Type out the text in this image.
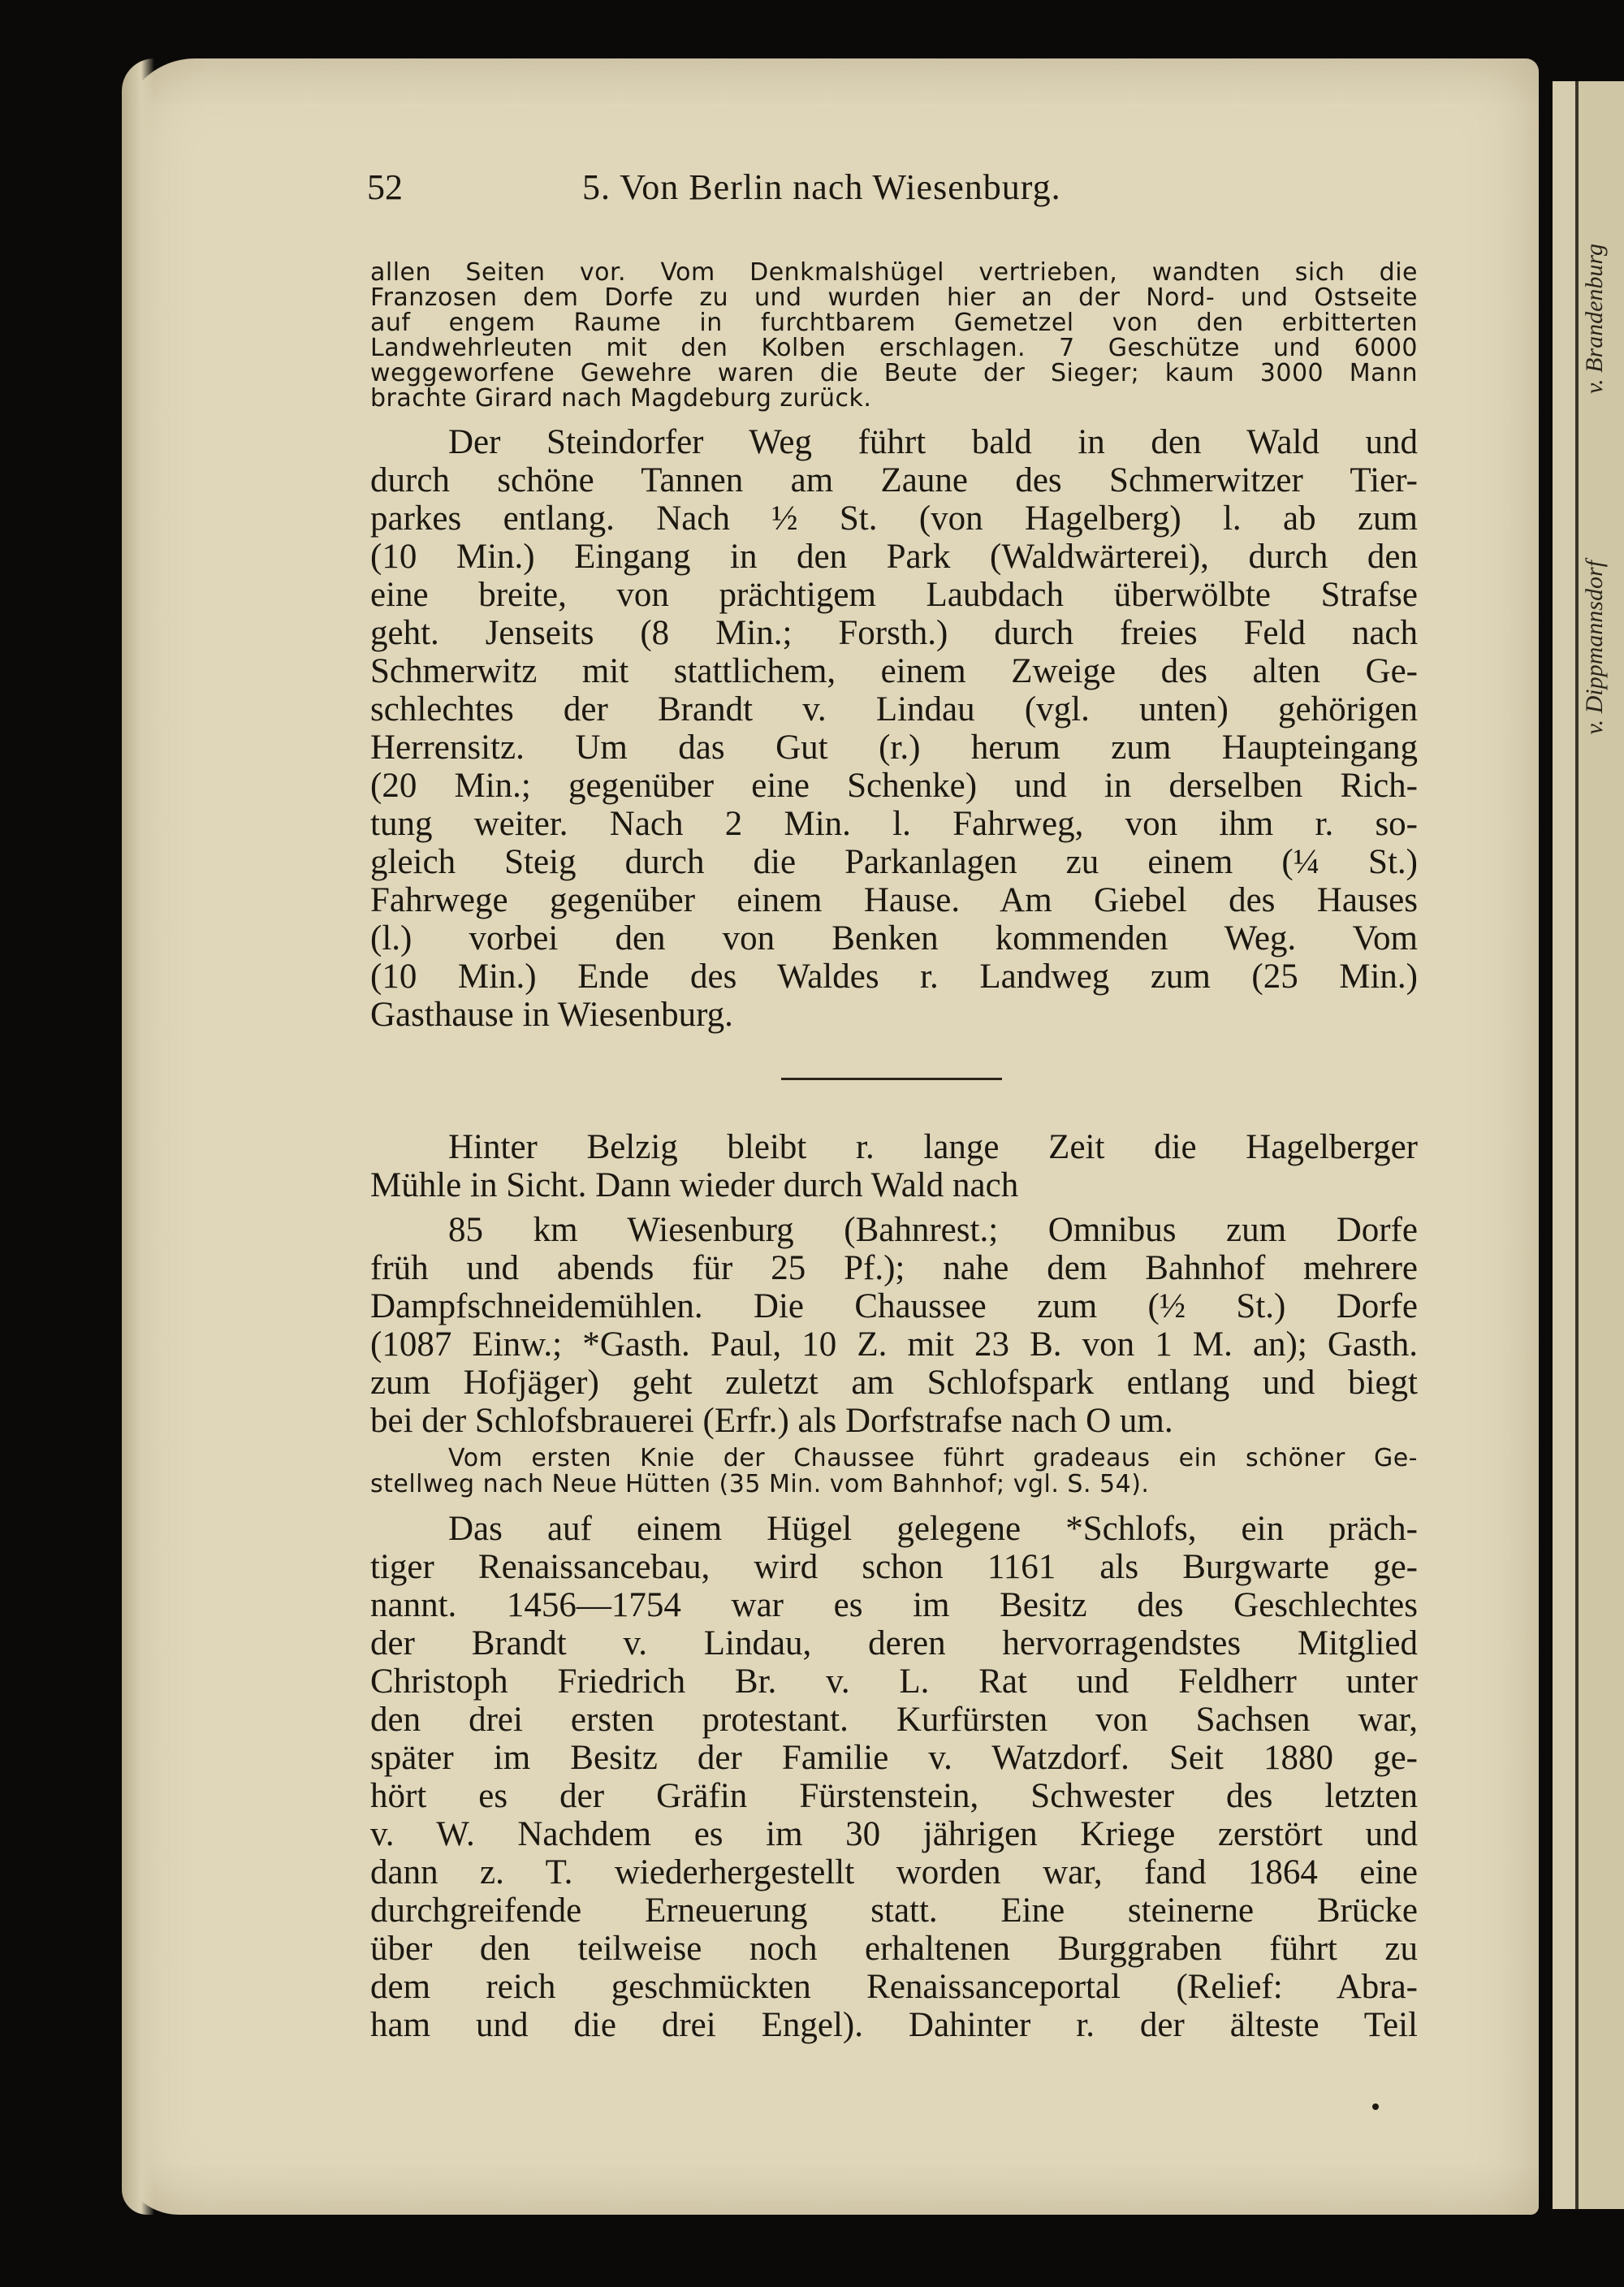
v. Brandenburg
v. Dippmannsdorf
52	5. Von Berlin nach Wiesenburg.
allen Seiten vor. Vom Denkmalshügel vertrieben, wandten sich die
Franzosen dem Dorfe zu und wurden hier an der Nord- und Ostseite
auf engem Raume in furchtbarem Gemetzel von den erbitterten
Landwehrleuten mit den Kolben erschlagen. 7 Geschütze und 6000
weggeworfene Gewehre waren die Beute der Sieger; kaum 3000 Mann
brachte Girard nach Magdeburg zurück.
Der Steindorfer Weg führt bald in den Wald und
durch schöne Tannen am Zaune des Schmerwitzer Tier-
parkes entlang. Nach ½ St. (von Hagelberg) l. ab zum
(10 Min.) Eingang in den Park (Waldwärterei), durch den
eine breite, von prächtigem Laubdach überwölbte Strafse
geht. Jenseits (8 Min.; Forsth.) durch freies Feld nach
Schmerwitz mit stattlichem, einem Zweige des alten Ge-
schlechtes der Brandt v. Lindau (vgl. unten) gehörigen
Herrensitz. Um das Gut (r.) herum zum Haupteingang
(20 Min.; gegenüber eine Schenke) und in derselben Rich-
tung weiter. Nach 2 Min. l. Fahrweg, von ihm r. so-
gleich Steig durch die Parkanlagen zu einem (¼ St.)
Fahrwege gegenüber einem Hause. Am Giebel des Hauses
(l.) vorbei den von Benken kommenden Weg. Vom
(10 Min.) Ende des Waldes r. Landweg zum (25 Min.)
Gasthause in Wiesenburg.
Hinter Belzig bleibt r. lange Zeit die Hagelberger
Mühle in Sicht. Dann wieder durch Wald nach
85 km Wiesenburg (Bahnrest.; Omnibus zum Dorfe
früh und abends für 25 Pf.); nahe dem Bahnhof mehrere
Dampfschneidemühlen. Die Chaussee zum (½ St.) Dorfe
(1087 Einw.; *Gasth. Paul, 10 Z. mit 23 B. von 1 M. an); Gasth.
zum Hofjäger) geht zuletzt am Schlofspark entlang und biegt
bei der Schlofsbrauerei (Erfr.) als Dorfstrafse nach O um.
Vom ersten Knie der Chaussee führt gradeaus ein schöner Ge-
stellweg nach Neue Hütten (35 Min. vom Bahnhof; vgl. S. 54).
Das auf einem Hügel gelegene *Schlofs, ein präch-
tiger Renaissancebau, wird schon 1161 als Burgwarte ge-
nannt. 1456—1754 war es im Besitz des Geschlechtes
der Brandt v. Lindau, deren hervorragendstes Mitglied
Christoph Friedrich Br. v. L. Rat und Feldherr unter
den drei ersten protestant. Kurfürsten von Sachsen war,
später im Besitz der Familie v. Watzdorf. Seit 1880 ge-
hört es der Gräfin Fürstenstein, Schwester des letzten
v. W. Nachdem es im 30 jährigen Kriege zerstört und
dann z. T. wiederhergestellt worden war, fand 1864 eine
durchgreifende Erneuerung statt. Eine steinerne Brücke
über den teilweise noch erhaltenen Burggraben führt zu
dem reich geschmückten Renaissanceportal (Relief: Abra-
ham und die drei Engel). Dahinter r. der älteste Teil
